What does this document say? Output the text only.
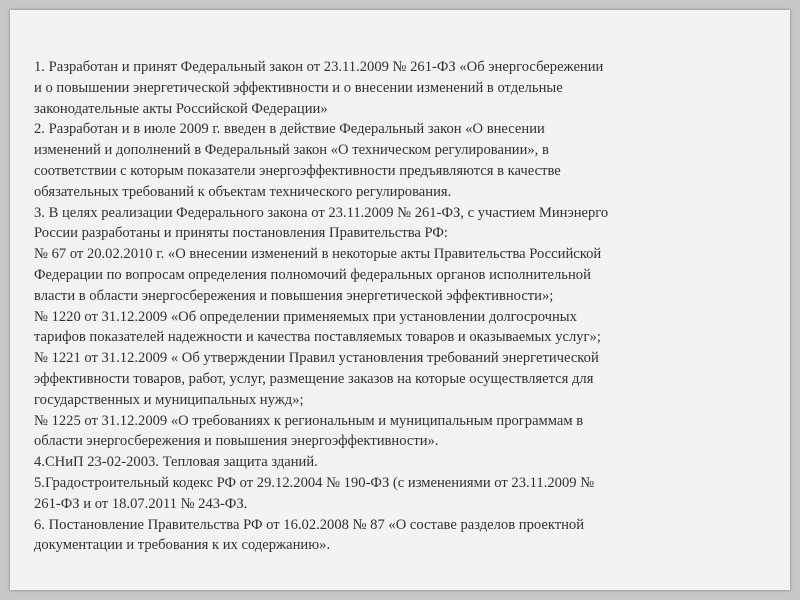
1. Разработан и принят Федеральный закон от 23.11.2009 № 261-ФЗ «Об энергосбережении
и о повышении энергетической эффективности и о внесении изменений в отдельные
законодательные акты Российской Федерации»
2. Разработан и в июле 2009 г. введен в действие Федеральный закон «О внесении
изменений и дополнений в Федеральный закон «О техническом регулировании», в
соответствии с которым показатели энергоэффективности предъявляются в качестве
обязательных требований к объектам технического регулирования.
3. В целях реализации Федерального закона от 23.11.2009 № 261-ФЗ, с участием Минэнерго
России разработаны и приняты постановления Правительства РФ:
№ 67 от 20.02.2010 г. «О внесении изменений в некоторые акты Правительства Российской
Федерации по вопросам определения полномочий федеральных органов исполнительной
власти в области энергосбережения и повышения энергетической эффективности»;
№ 1220 от 31.12.2009 «Об определении применяемых при установлении долгосрочных
тарифов показателей надежности и качества поставляемых товаров и оказываемых услуг»;
№ 1221 от 31.12.2009 « Об утверждении Правил установления требований энергетической
эффективности товаров, работ, услуг, размещение заказов на которые осуществляется для
государственных и муниципальных нужд»;
№ 1225 от 31.12.2009 «О требованиях к региональным и муниципальным программам в
области энергосбережения и повышения энергоэффективности».
4.СНиП 23-02-2003. Тепловая защита зданий.
5.Градостроительный кодекс РФ от 29.12.2004 № 190-ФЗ (с изменениями от 23.11.2009 №
261-ФЗ и от 18.07.2011 № 243-ФЗ.
6. Постановление Правительства РФ от 16.02.2008 № 87 «О составе разделов проектной
документации и требования к их содержанию».
